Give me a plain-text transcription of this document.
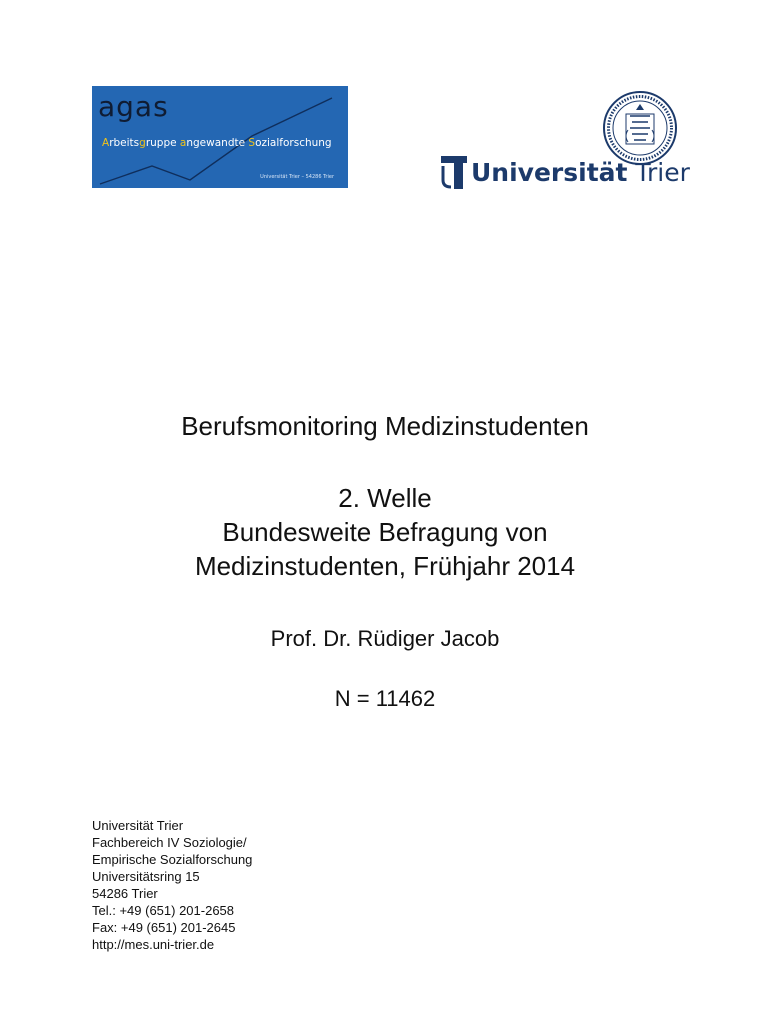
agas
Arbeitsgruppe angewandte Sozialforschung
Universität Trier – 54286 Trier	Universität Trier
Berufsmonitoring Medizinstudenten
2. Welle
Bundesweite Befragung von
Medizinstudenten, Frühjahr 2014
Prof. Dr. Rüdiger Jacob
N = 11462
Universität Trier
Fachbereich IV Soziologie/
Empirische Sozialforschung
Universitätsring 15
54286 Trier
Tel.: +49 (651) 201-2658
Fax: +49 (651) 201-2645
http://mes.uni-trier.de
